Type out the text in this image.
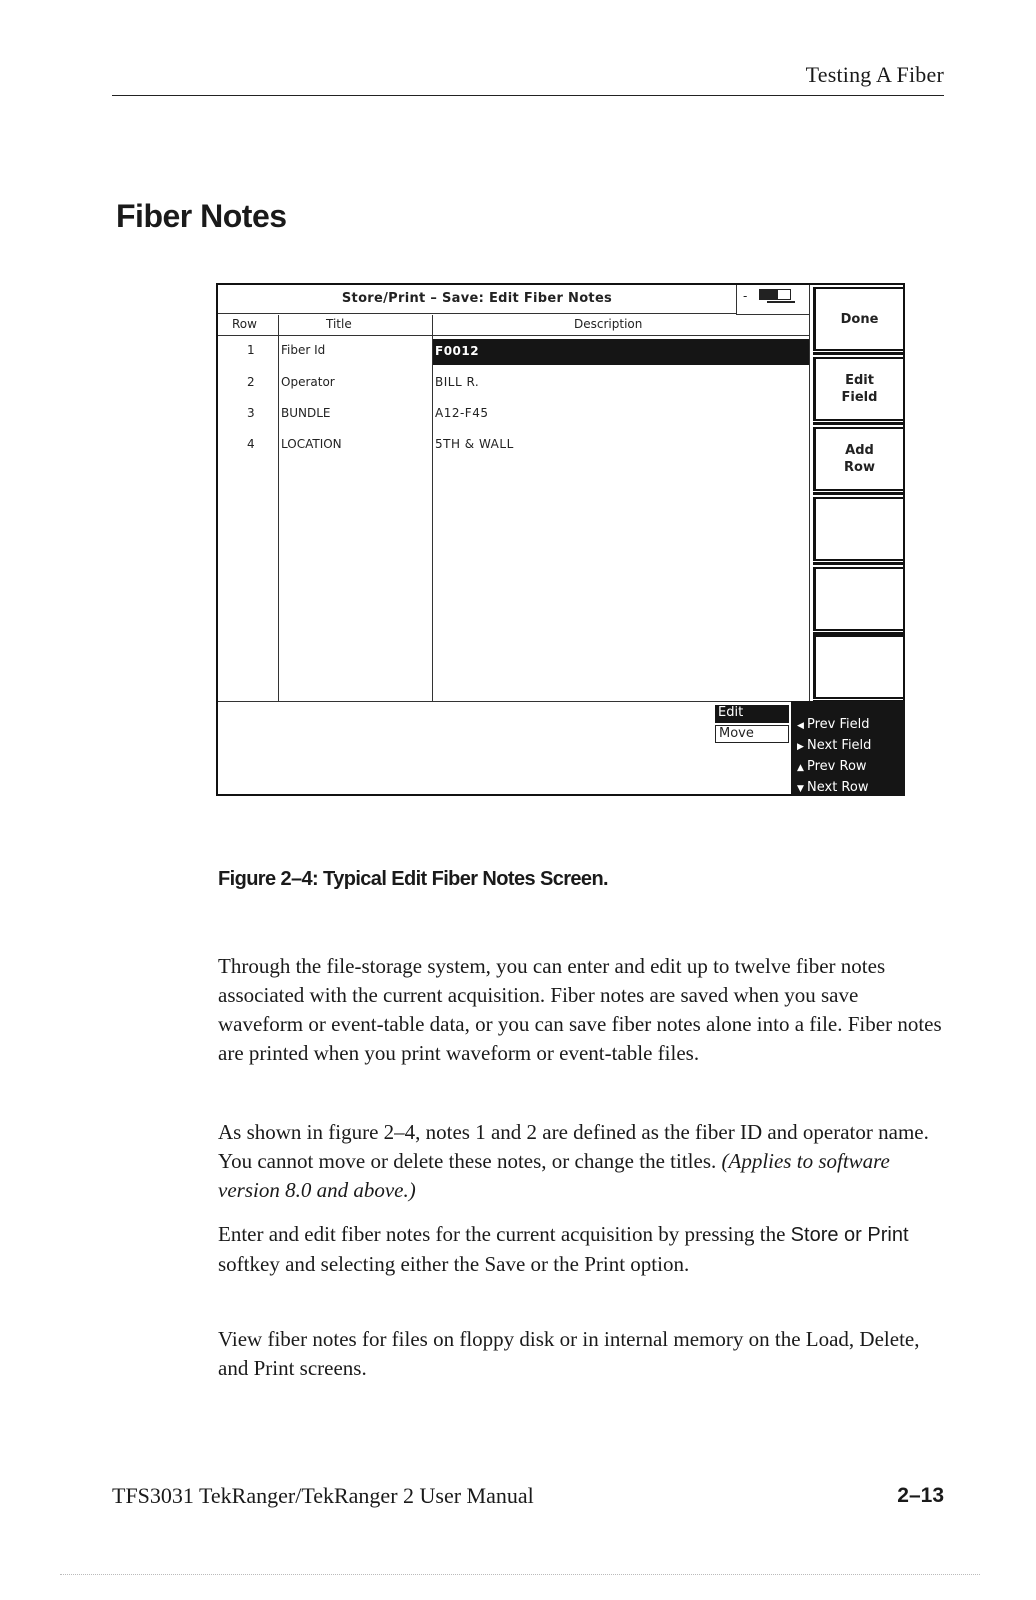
Testing A Fiber
Fiber Notes
Store/Print – Save: Edit Fiber Notes	-
Row	Title	Description
1 Fiber Id	F0012
2 Operator	BILL R.
3 BUNDLE	A12-F45
4 LOCATION	5TH & WALL
Done
Edit
Field
Add
Row
Edit
Move	◀ Prev Field
▶ Next Field
▲ Prev Row
▼ Next Row
Figure 2–4: Typical Edit Fiber Notes Screen.

Through the file-storage system, you can enter and edit up to twelve fiber notes associated with the current acquisition. Fiber notes are saved when you save waveform or event-table data, or you can save fiber notes alone into a file. Fiber notes are printed when you print waveform or event-table files.

As shown in figure 2–4, notes 1 and 2 are defined as the fiber ID and operator name. You cannot move or delete these notes, or change the titles. (Applies to software version 8.0 and above.)

Enter and edit fiber notes for the current acquisition by pressing the Store or Print softkey and selecting either the Save or the Print option.

View fiber notes for files on floppy disk or in internal memory on the Load, Delete, and Print screens.

TFS3031 TekRanger/TekRanger 2 User Manual	2–13
